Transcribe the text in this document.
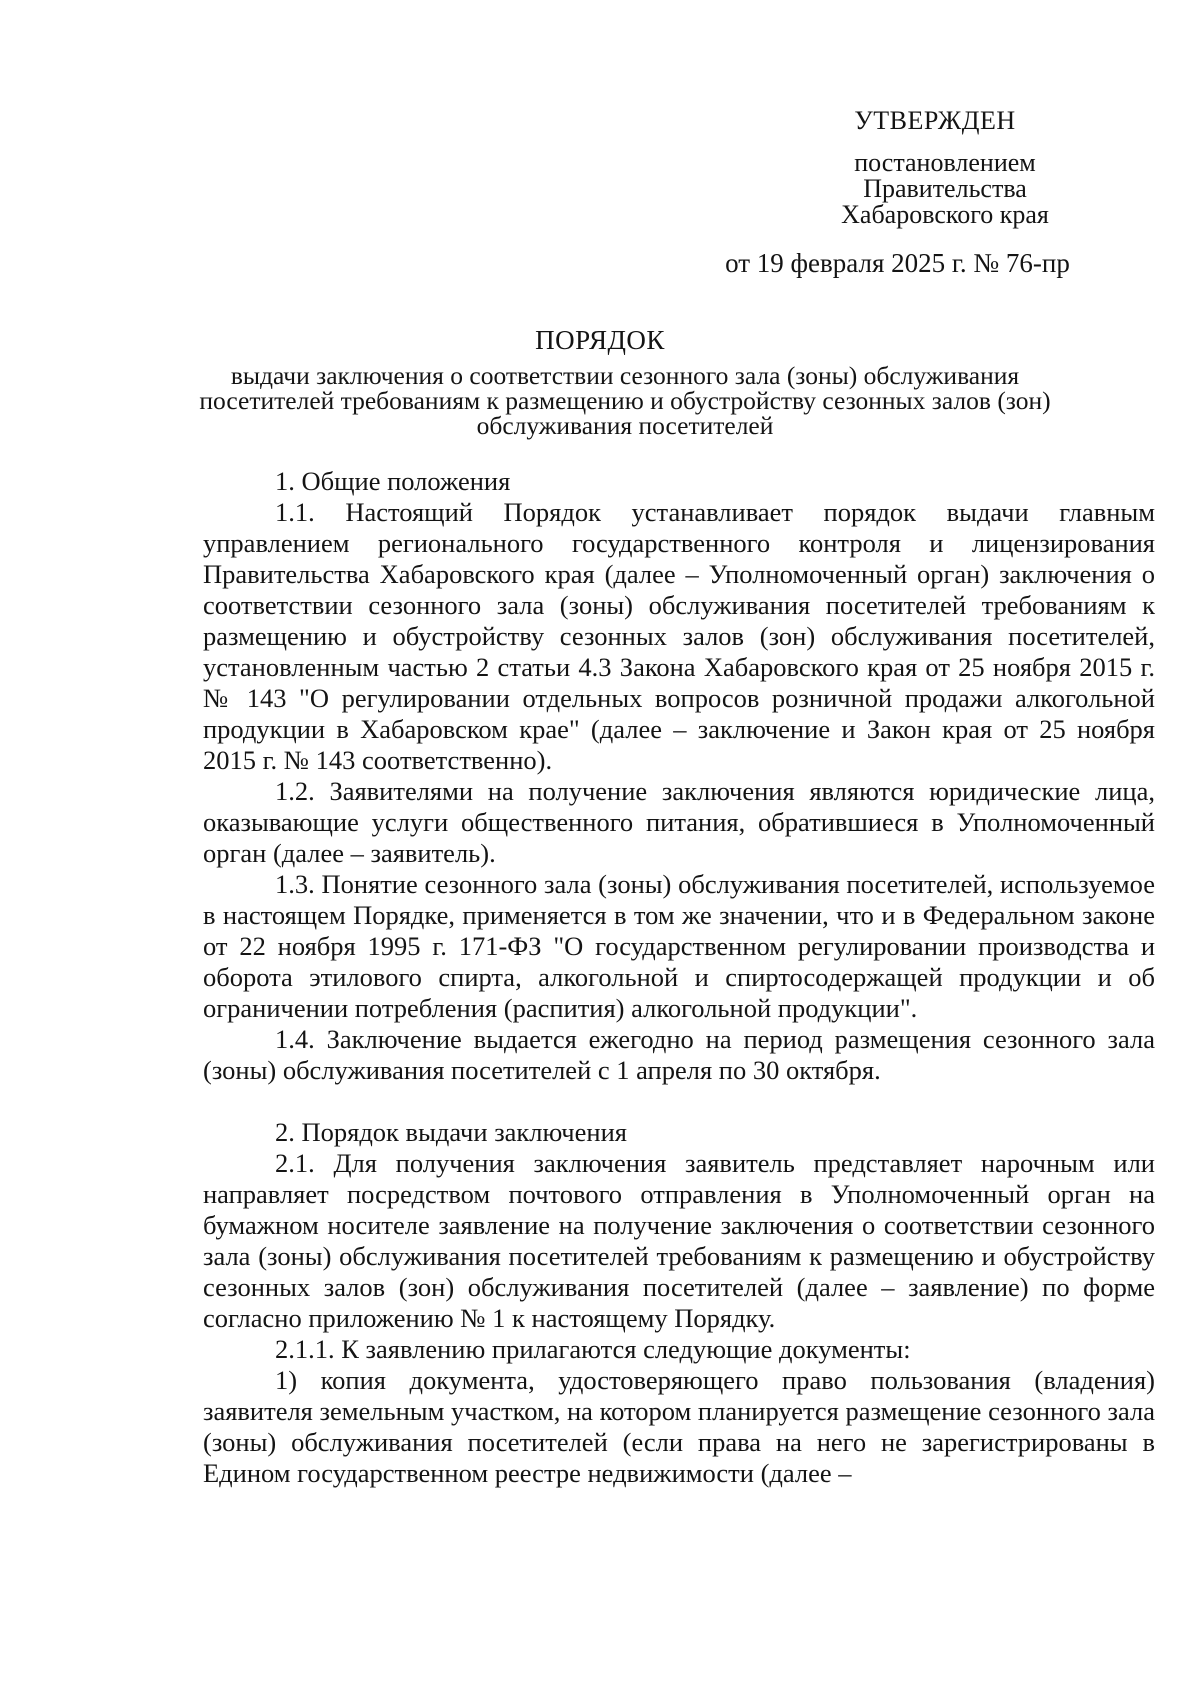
УТВЕРЖДЕН
постановлением
Правительства
Хабаровского края
от 19 февраля 2025 г. № 76-пр
ПОРЯДОК
выдачи заключения о соответствии сезонного зала (зоны) обслуживания посетителей требованиям к размещению и обустройству сезонных залов (зон) обслуживания посетителей

1. Общие положения

1.1. Настоящий Порядок устанавливает порядок выдачи главным управлением регионального государственного контроля и лицензирования Правительства Хабаровского края (далее – Уполномоченный орган) заключения о соответствии сезонного зала (зоны) обслуживания посетителей требованиям к размещению и обустройству сезонных залов (зон) обслуживания посетителей, установленным частью 2 статьи 4.3 Закона Хабаровского края от 25 ноября 2015 г. № 143 "О регулировании отдельных вопросов розничной продажи алкогольной продукции в Хабаровском крае" (далее – заключение и Закон края от 25 ноября 2015 г. № 143 соответственно).

1.2. Заявителями на получение заключения являются юридические лица, оказывающие услуги общественного питания, обратившиеся в Уполномоченный орган (далее – заявитель).

1.3. Понятие сезонного зала (зоны) обслуживания посетителей, используемое в настоящем Порядке, применяется в том же значении, что и в Федеральном законе от 22 ноября 1995 г. 171-ФЗ "О государственном регулировании производства и оборота этилового спирта, алкогольной и спиртосодержащей продукции и об ограничении потребления (распития) алкогольной продукции".

1.4. Заключение выдается ежегодно на период размещения сезонного зала (зоны) обслуживания посетителей с 1 апреля по 30 октября.

2. Порядок выдачи заключения

2.1. Для получения заключения заявитель представляет нарочным или направляет посредством почтового отправления в Уполномоченный орган на бумажном носителе заявление на получение заключения о соответствии сезонного зала (зоны) обслуживания посетителей требованиям к размещению и обустройству сезонных залов (зон) обслуживания посетителей (далее – заявление) по форме согласно приложению № 1 к настоящему Порядку.

2.1.1. К заявлению прилагаются следующие документы:

1) копия документа, удостоверяющего право пользования (владения) заявителя земельным участком, на котором планируется размещение сезонного зала (зоны) обслуживания посетителей (если права на него не зарегистрированы в Едином государственном реестре недвижимости (далее –
